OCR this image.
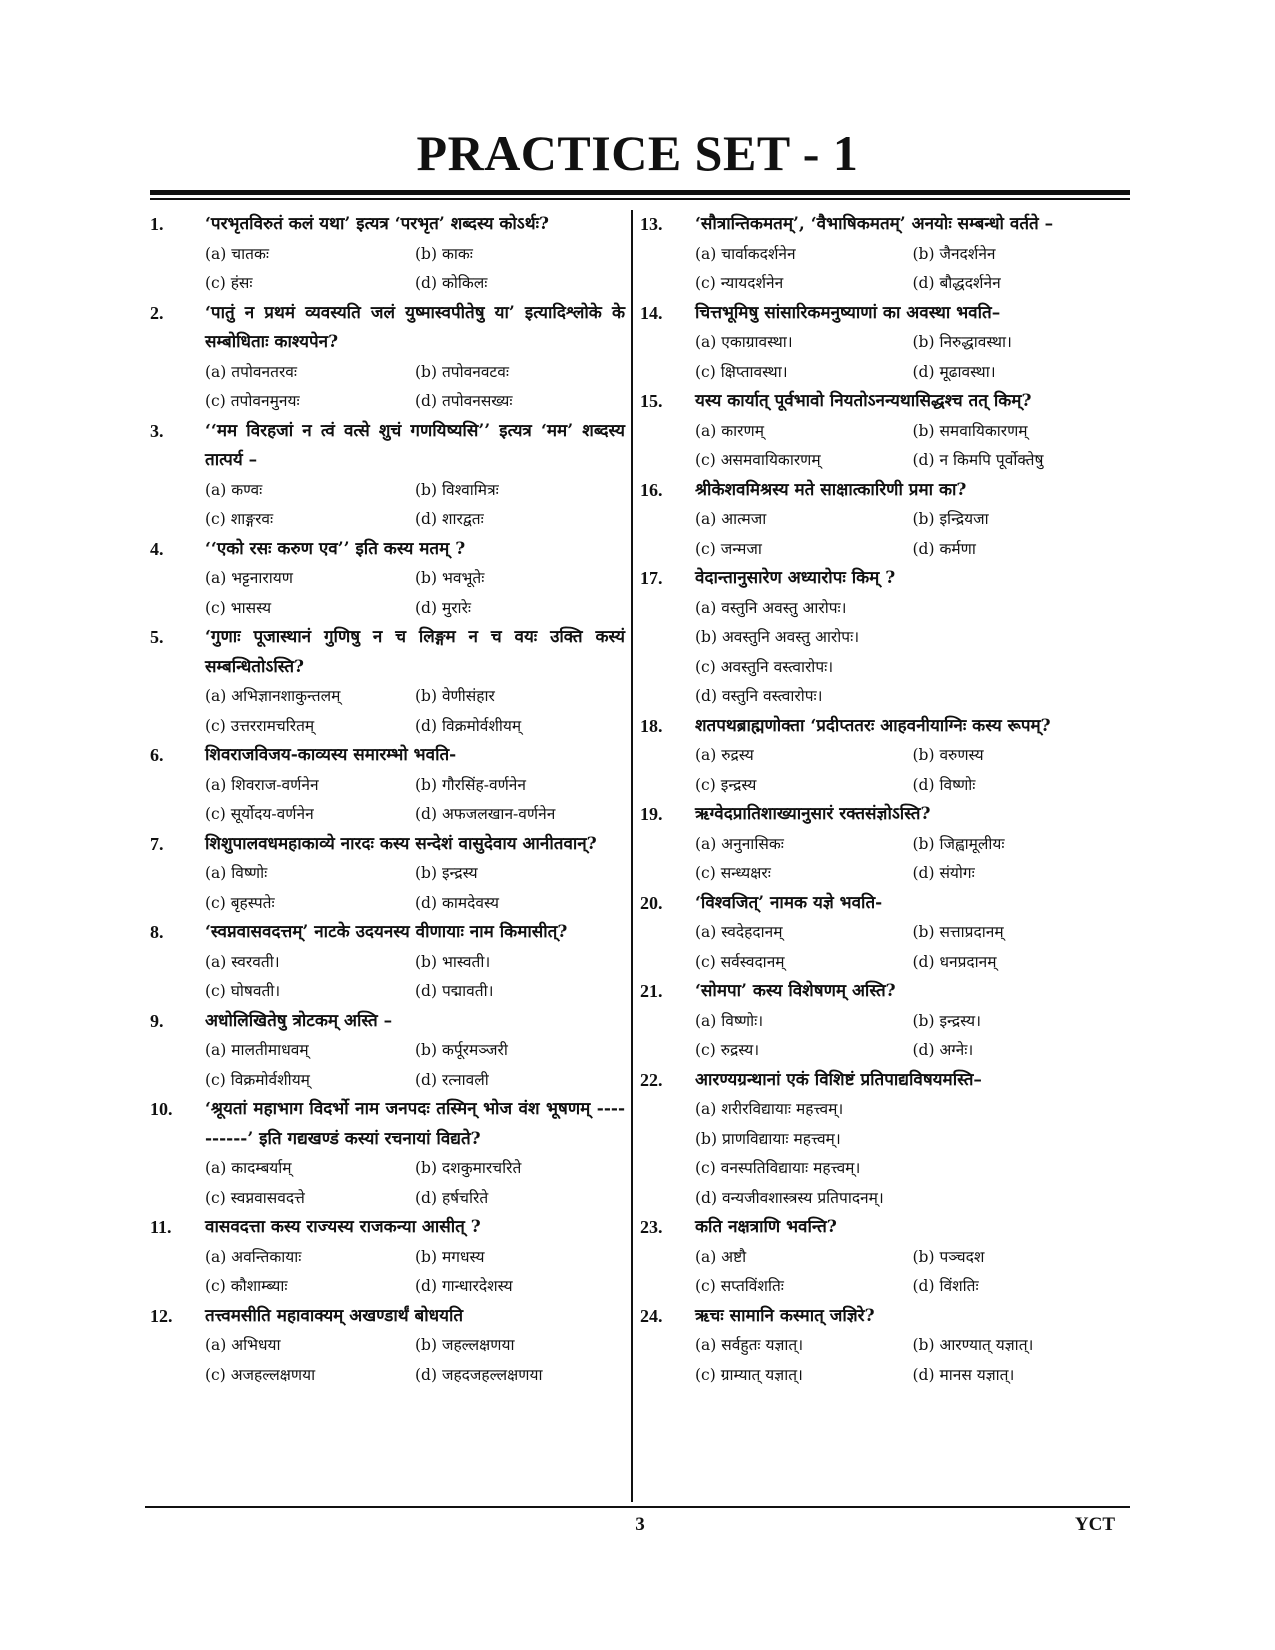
PRACTICE SET - 1
1. ‘परभृतविरुतं कलं यथा’ इत्यत्र ‘परभृत’ शब्दस्य कोऽर्थः?
(a) चातकः	(b) काकः
(c) हंसः	(d) कोकिलः
2. ‘पातुं न प्रथमं व्यवस्यति जलं युष्मास्वपीतेषु या’ इत्यादिश्लोके के सम्बोधिताः काश्यपेन?
(a) तपोवनतरवः	(b) तपोवनवटवः
(c) तपोवनमुनयः	(d) तपोवनसख्यः
3. ‘‘मम विरहजां न त्वं वत्से शुचं गणयिष्यसि’’ इत्यत्र ‘मम’ शब्दस्य तात्पर्य –
(a) कण्वः	(b) विश्वामित्रः
(c) शाङ्गरवः	(d) शारद्वतः
4. ‘‘एको रसः करुण एव’’ इति कस्य मतम् ?
(a) भट्टनारायण	(b) भवभूतेः
(c) भासस्य	(d) मुरारेः
5. ‘गुणाः पूजास्थानं गुणिषु न च लिङ्गम न च वयः उक्ति कस्यं सम्बन्धितोऽस्ति?
(a) अभिज्ञानशाकुन्तलम्	(b) वेणीसंहार
(c) उत्तररामचरितम्	(d) विक्रमोर्वशीयम्
6. शिवराजविजय-काव्यस्य समारम्भो भवति-
(a) शिवराज-वर्णनेन	(b) गौरसिंह-वर्णनेन
(c) सूर्योदय-वर्णनेन	(d) अफजलखान-वर्णनेन
7. शिशुपालवधमहाकाव्ये नारदः कस्य सन्देशं वासुदेवाय आनीतवान्?
(a) विष्णोः	(b) इन्द्रस्य
(c) बृहस्पतेः	(d) कामदेवस्य
8. ‘स्वप्नवासवदत्तम्’ नाटके उदयनस्य वीणायाः नाम किमासीत्?
(a) स्वरवती।	(b) भास्वती।
(c) घोषवती।	(d) पद्मावती।
9. अधोलिखितेषु त्रोटकम् अस्ति –
(a) मालतीमाधवम्	(b) कर्पूरमञ्जरी
(c) विक्रमोर्वशीयम्	(d) रत्नावली
10. ‘श्रूयतां महाभाग विदर्भो नाम जनपदः तस्मिन् भोज वंश भूषणम् ----------’ इति गद्यखण्डं कस्यां रचनायां विद्यते?
(a) कादम्बर्याम्	(b) दशकुमारचरिते
(c) स्वप्नवासवदत्ते	(d) हर्षचरिते
11. वासवदत्ता कस्य राज्यस्य राजकन्या आसीत् ?
(a) अवन्तिकायाः	(b) मगधस्य
(c) कौशाम्ब्याः	(d) गान्धारदेशस्य
12. तत्त्वमसीति महावाक्यम् अखण्डार्थं बोधयति
(a) अभिधया	(b) जहल्लक्षणया
(c) अजहल्लक्षणया	(d) जहदजहल्लक्षणया
13. ‘सौत्रान्तिकमतम्’, ‘वैभाषिकमतम्’ अनयोः सम्बन्धो वर्तते –
(a) चार्वाकदर्शनेन	(b) जैनदर्शनेन
(c) न्यायदर्शनेन	(d) बौद्धदर्शनेन
14. चित्तभूमिषु सांसारिकमनुष्याणां का अवस्था भवति–
(a) एकाग्रावस्था।	(b) निरुद्धावस्था।
(c) क्षिप्तावस्था।	(d) मूढावस्था।
15. यस्य कार्यात् पूर्वभावो नियतोऽनन्यथासिद्धश्च तत् किम्?
(a) कारणम्	(b) समवायिकारणम्
(c) असमवायिकारणम्	(d) न किमपि पूर्वोक्तेषु
16. श्रीकेशवमिश्रस्य मते साक्षात्कारिणी प्रमा का?
(a) आत्मजा	(b) इन्द्रियजा
(c) जन्मजा	(d) कर्मणा
17. वेदान्तानुसारेण अध्यारोपः किम् ?
(a) वस्तुनि अवस्तु आरोपः।
(b) अवस्तुनि अवस्तु आरोपः।
(c) अवस्तुनि वस्त्वारोपः।
(d) वस्तुनि वस्त्वारोपः।
18. शतपथब्राह्मणोक्ता ‘प्रदीप्ततरः आहवनीयाग्निः कस्य रूपम्?
(a) रुद्रस्य	(b) वरुणस्य
(c) इन्द्रस्य	(d) विष्णोः
19. ऋग्वेदप्रातिशाख्यानुसारं रक्तसंज्ञोऽस्ति?
(a) अनुनासिकः	(b) जिह्वामूलीयः
(c) सन्ध्यक्षरः	(d) संयोगः
20. ‘विश्वजित्’ नामक यज्ञे भवति-
(a) स्वदेहदानम्	(b) सत्ताप्रदानम्
(c) सर्वस्वदानम्	(d) धनप्रदानम्
21. ‘सोमपा’ कस्य विशेषणम् अस्ति?
(a) विष्णोः।	(b) इन्द्रस्य।
(c) रुद्रस्य।	(d) अग्नेः।
22. आरण्यग्रन्थानां एकं विशिष्टं प्रतिपाद्यविषयमस्ति–
(a) शरीरविद्यायाः महत्त्वम्।
(b) प्राणविद्यायाः महत्त्वम्।
(c) वनस्पतिविद्यायाः महत्त्वम्।
(d) वन्यजीवशास्त्रस्य प्रतिपादनम्।
23. कति नक्षत्राणि भवन्ति?
(a) अष्टौ	(b) पञ्चदश
(c) सप्तविंशतिः	(d) विंशतिः
24. ऋचः सामानि कस्मात् जज्ञिरे?
(a) सर्वहुतः यज्ञात्।	(b) आरण्यात् यज्ञात्।
(c) ग्राम्यात् यज्ञात्।	(d) मानस यज्ञात्।
3	YCT
